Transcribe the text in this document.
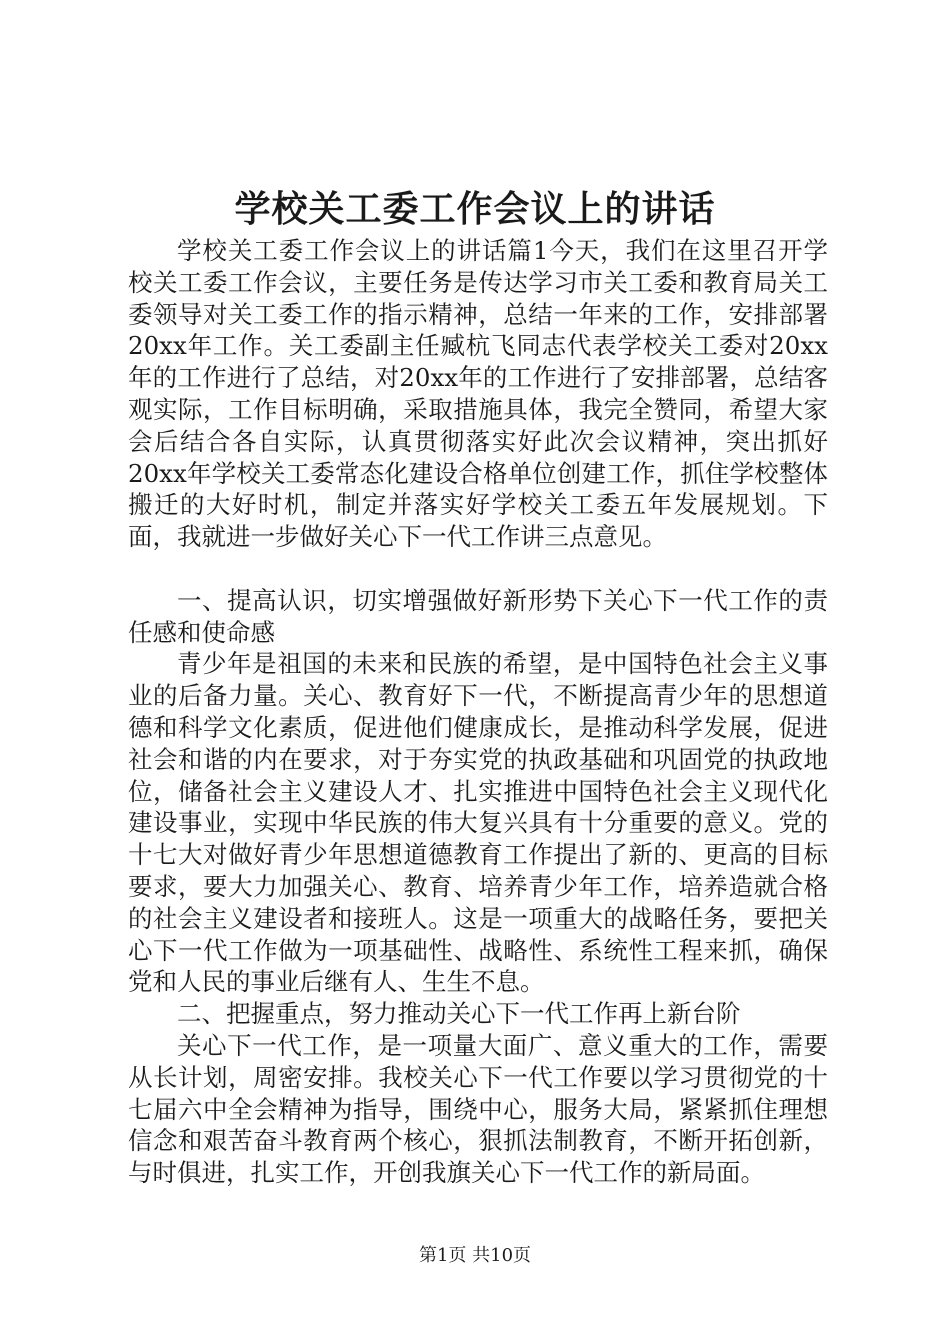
学校关工委工作会议上的讲话

学校关工委工作会议上的讲话篇1今天，我们在这里召开学校关工委工作会议，主要任务是传达学习市关工委和教育局关工委领导对关工委工作的指示精神，总结一年来的工作，安排部署20xx年工作。关工委副主任臧杭飞同志代表学校关工委对20xx年的工作进行了总结，对20xx年的工作进行了安排部署，总结客观实际，工作目标明确，采取措施具体，我完全赞同，希望大家会后结合各自实际，认真贯彻落实好此次会议精神，突出抓好20xx年学校关工委常态化建设合格单位创建工作，抓住学校整体搬迁的大好时机，制定并落实好学校关工委五年发展规划。下面，我就进一步做好关心下一代工作讲三点意见。

一、提高认识，切实增强做好新形势下关心下一代工作的责任感和使命感

青少年是祖国的未来和民族的希望，是中国特色社会主义事业的后备力量。关心、教育好下一代，不断提高青少年的思想道德和科学文化素质，促进他们健康成长，是推动科学发展，促进社会和谐的内在要求，对于夯实党的执政基础和巩固党的执政地位，储备社会主义建设人才、扎实推进中国特色社会主义现代化建设事业，实现中华民族的伟大复兴具有十分重要的意义。党的十七大对做好青少年思想道德教育工作提出了新的、更高的目标要求，要大力加强关心、教育、培养青少年工作，培养造就合格的社会主义建设者和接班人。这是一项重大的战略任务，要把关心下一代工作做为一项基础性、战略性、系统性工程来抓，确保党和人民的事业后继有人、生生不息。

二、把握重点，努力推动关心下一代工作再上新台阶

关心下一代工作，是一项量大面广、意义重大的工作，需要从长计划，周密安排。我校关心下一代工作要以学习贯彻党的十七届六中全会精神为指导，围绕中心，服务大局，紧紧抓住理想信念和艰苦奋斗教育两个核心，狠抓法制教育，不断开拓创新，与时俱进，扎实工作，开创我旗关心下一代工作的新局面。

第1页 共10页
